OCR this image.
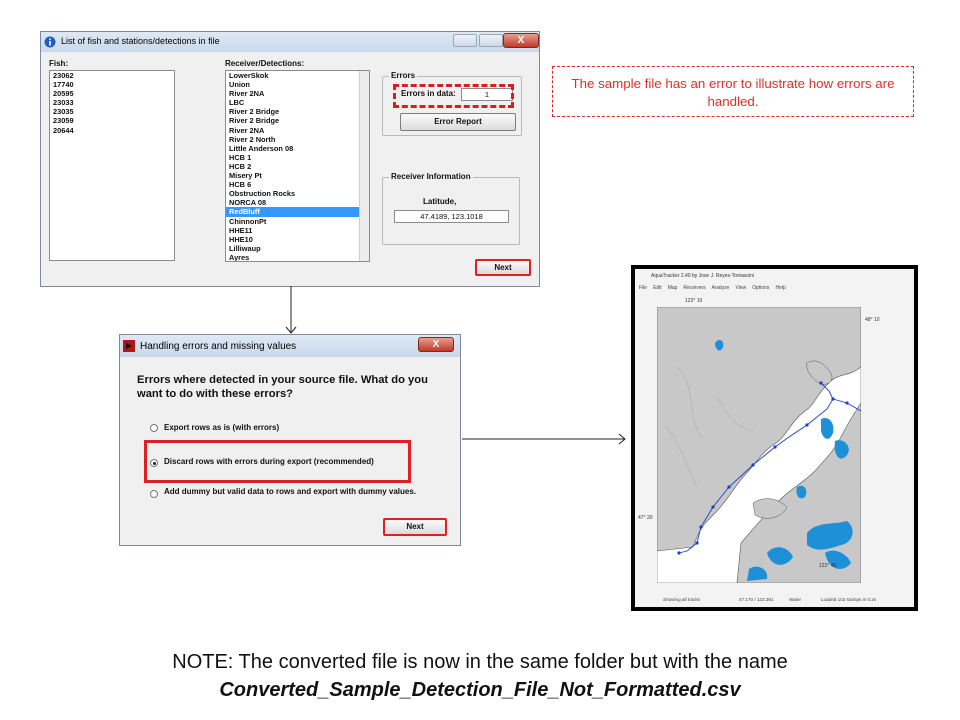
List of fish and stations/detections in file	X
Fish:
23062
17740
20595
23033
23035
23059
20644
Receiver/Detections:
LowerSkok
Union
River 2NA
LBC
River 2 Bridge
River 2 Bridge
River 2NA
River 2 North
Little Anderson 08
HCB 1
HCB 2
Misery Pt
HCB 6
Obstruction Rocks
NORCA 08
RedBluff
ChinnonPt
HHE11
HHE10
Lilliwaup
Ayres
Errors
Errors in data:	1
Error Report
Receiver Information
Latitude,
47.4189, 123.1018
Next
The sample file has an error to illustrate how errors are handled.
Handling errors and missing values	X
Errors where detected in your source file. What do you want to do with these errors?
Export rows as is (with errors)
Discard rows with errors during export (recommended)
Add dummy but valid data to rows and export with dummy values.
Next
AquaTracker 2.40 by Jose J. Reyes-Tomassini
File Edit Map Receivers Analyze View Options Help
123° 10
48° 10
47° 20
122° 40
Showing all tracks	47.170 / 123.391	Water	Loaded 102 stamps in 0.2s
NOTE: The converted file is now in the same folder but with the name
Converted_Sample_Detection_File_Not_Formatted.csv
